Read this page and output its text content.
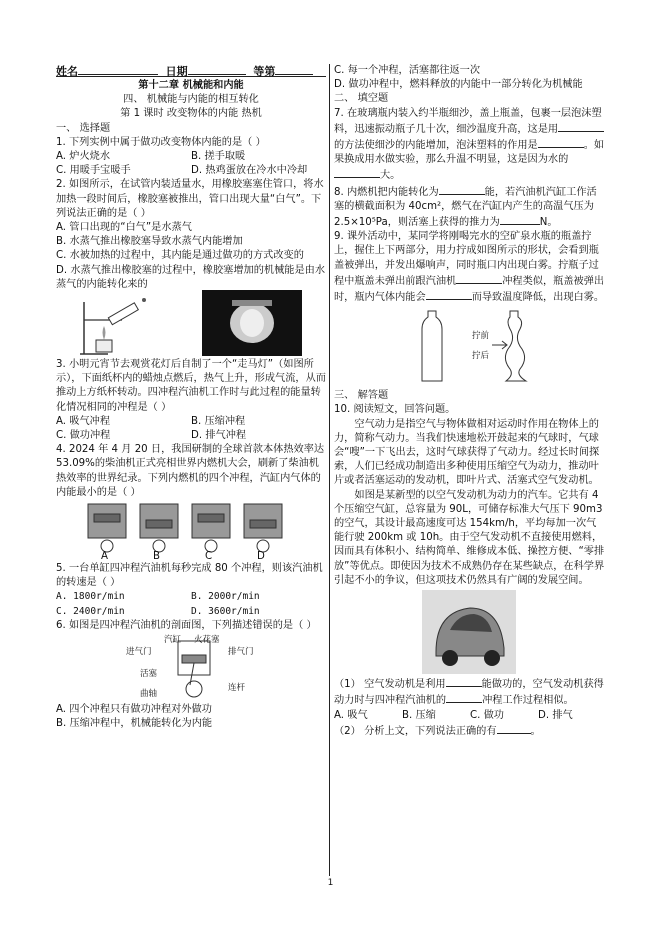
姓名	日期	等第

第十二章 机械能和内能

四、 机械能与内能的相互转化

第 1 课时 改变物体的内能 热机

一、 选择题

1. 下列实例中属于做功改变物体内能的是（ ）

A. 炉火烧水	B. 搓手取暖
C. 用暖手宝暖手	D. 热鸡蛋放在冷水中冷却

2. 如图所示，在试管内装适量水，用橡胶塞塞住管口，将水加热一段时间后，橡胶塞被推出，管口出现大量“白气”。下列说法正确的是（ ）

A. 管口出现的“白气”是水蒸气

B. 水蒸气推出橡胶塞导致水蒸气内能增加

C. 水被加热的过程中，其内能是通过做功的方式改变的

D. 水蒸气推出橡胶塞的过程中，橡胶塞增加的机械能是由水蒸气的内能转化来的

3. 小明元宵节去观赏花灯后自制了一个“走马灯”（如图所示），下面纸杯内的蜡烛点燃后，热气上升，形成气流，从而推动上方纸杯转动。四冲程汽油机工作时与此过程的能量转化情况相同的冲程是（ ）

A. 吸气冲程	B. 压缩冲程
C. 做功冲程	D. 排气冲程

4. 2024 年 4 月 20 日，我国研制的全球首款本体热效率达53.09%的柴油机正式亮相世界内燃机大会，刷新了柴油机热效率的世界纪录。下列内燃机的四个冲程，汽缸内气体的内能最小的是（ ）

A	B	C	D

5. 一台单缸四冲程汽油机每秒完成 80 个冲程，则该汽油机的转速是（ ）

A. 1800r/min	B. 2000r/min
C. 2400r/min	D. 3600r/min

6. 如图是四冲程汽油机的剖面图，下列描述错误的是（ ）

汽缸 火花塞
进气门	排气门
活塞
曲轴
连杆

A. 四个冲程只有做功冲程对外做功

B. 压缩冲程中，机械能转化为内能

C. 每一个冲程，活塞都往返一次

D. 做功冲程中，燃料释放的内能中一部分转化为机械能

二、 填空题

7. 在玻璃瓶内装入约半瓶细沙，盖上瓶盖，包裹一层泡沫塑料，迅速振动瓶子几十次，细沙温度升高，这是用的方法使细沙的内能增加，泡沫塑料的作用是	。如果换成用水做实验，那么升温不明显，这是因为水的大。

8. 内燃机把内能转化为	能，若汽油机汽缸工作活塞的横截面积为 40cm²，燃气在汽缸内产生的高温气压为 2.5×10⁵Pa，则活塞上获得的推力为	N。

9. 课外活动中，某同学将刚喝完水的空矿泉水瓶的瓶盖拧上，握住上下两部分，用力拧成如图所示的形状，会看到瓶盖被弹出，并发出爆响声，同时瓶口内出现白雾。拧瓶子过程中瓶盖未弹出前跟汽油机	冲程类似，瓶盖被弹出时，瓶内气体内能会	而导致温度降低，出现白雾。

拧前
拧后

三、 解答题

10. 阅读短文，回答问题。

空气动力是指空气与物体做相对运动时作用在物体上的力，简称气动力。当我们快速地松开鼓起来的气球时，气球会“嗖”一下飞出去，这时气球获得了气动力。经过长时间探索，人们已经成功制造出多种使用压缩空气为动力，推动叶片或者活塞运动的发动机，即叶片式、活塞式空气发动机。

如图是某新型的以空气发动机为动力的汽车。它共有 4 个压缩空气缸，总容量为 90L，可储存标准大气压下 90m3 的空气，其设计最高速度可达 154km/h，平均每加一次气能行驶 200km 或 10h。由于空气发动机不直接使用燃料，因而具有体积小、结构简单、维修成本低、操控方便、“零排放”等优点。即使因为技术不成熟仍存在某些缺点，在科学界引起不小的争议，但这项技术仍然具有广阔的发展空间。

（1） 空气发动机是利用	能做功的，空气发动机获得动力时与四冲程汽油机的	冲程工作过程相似。

A. 吸气	B. 压缩	C. 做功	D. 排气

（2） 分析上文，下列说法正确的有	。

1
